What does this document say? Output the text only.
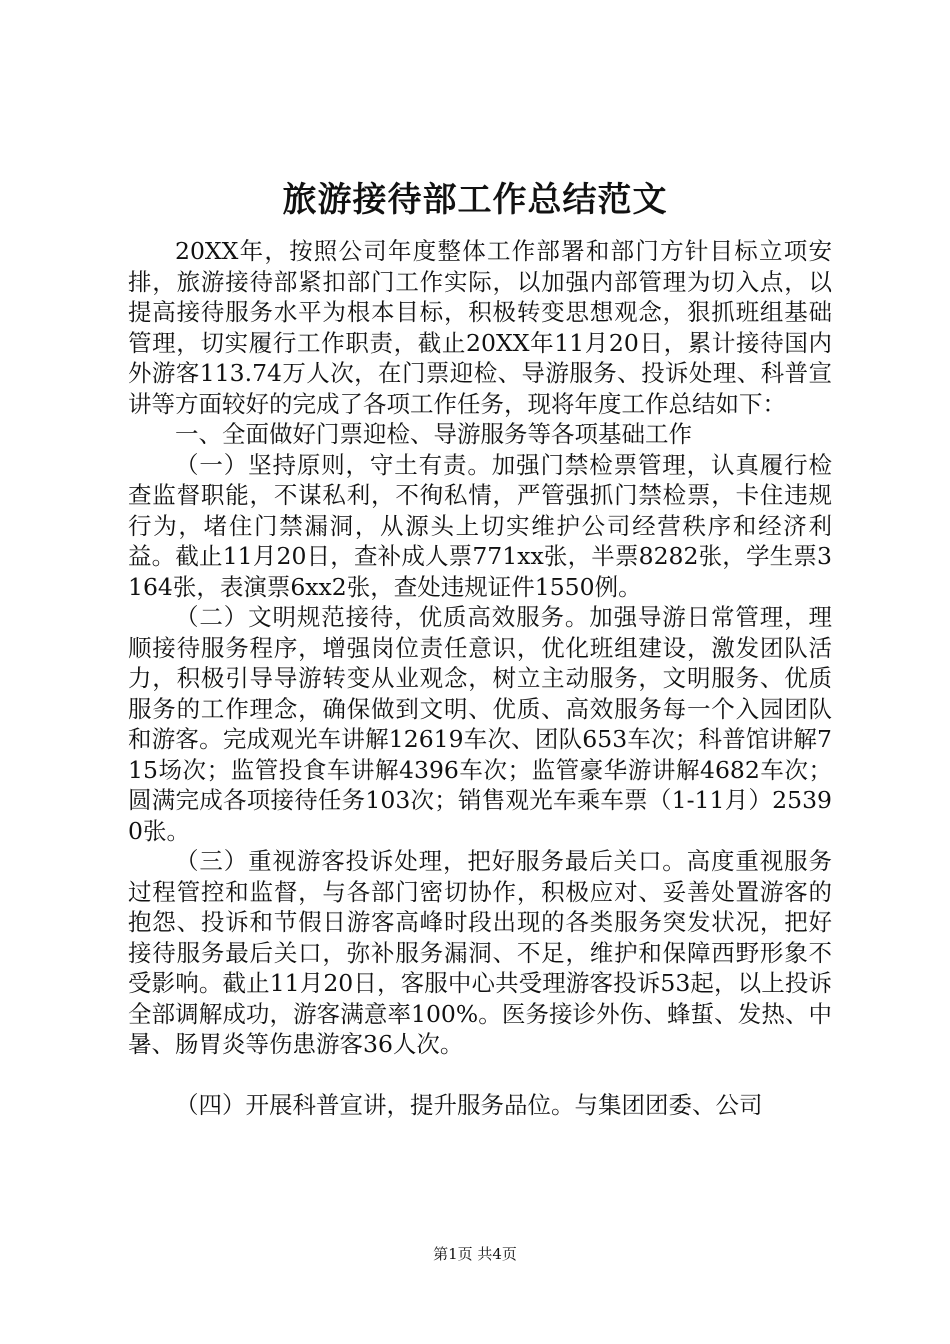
旅游接待部工作总结范文

20XX年，按照公司年度整体工作部署和部门方针目标立项安排，旅游接待部紧扣部门工作实际，以加强内部管理为切入点，以提高接待服务水平为根本目标，积极转变思想观念，狠抓班组基础管理，切实履行工作职责，截止20XX年11月20日，累计接待国内外游客113.74万人次，在门票迎检、导游服务、投诉处理、科普宣讲等方面较好的完成了各项工作任务，现将年度工作总结如下：

一、全面做好门票迎检、导游服务等各项基础工作

（一）坚持原则，守土有责。加强门禁检票管理，认真履行检查监督职能，不谋私利，不徇私情，严管强抓门禁检票，卡住违规行为，堵住门禁漏洞，从源头上切实维护公司经营秩序和经济利益。截止11月20日，查补成人票771xx张，半票8282张，学生票3164张，表演票6xx2张，查处违规证件1550例。

（二）文明规范接待，优质高效服务。加强导游日常管理，理顺接待服务程序，增强岗位责任意识，优化班组建设，激发团队活力，积极引导导游转变从业观念，树立主动服务，文明服务、优质服务的工作理念，确保做到文明、优质、高效服务每一个入园团队和游客。完成观光车讲解12619车次、团队653车次；科普馆讲解715场次；监管投食车讲解4396车次；监管豪华游讲解4682车次；圆满完成各项接待任务103次；销售观光车乘车票（1-11月）25390张。

（三）重视游客投诉处理，把好服务最后关口。高度重视服务过程管控和监督，与各部门密切协作，积极应对、妥善处置游客的抱怨、投诉和节假日游客高峰时段出现的各类服务突发状况，把好接待服务最后关口，弥补服务漏洞、不足，维护和保障西野形象不受影响。截止11月20日，客服中心共受理游客投诉53起，以上投诉全部调解成功，游客满意率100%。医务接诊外伤、蜂蜇、发热、中暑、肠胃炎等伤患游客36人次。

（四）开展科普宣讲，提升服务品位。与集团团委、公司

第1页 共4页
